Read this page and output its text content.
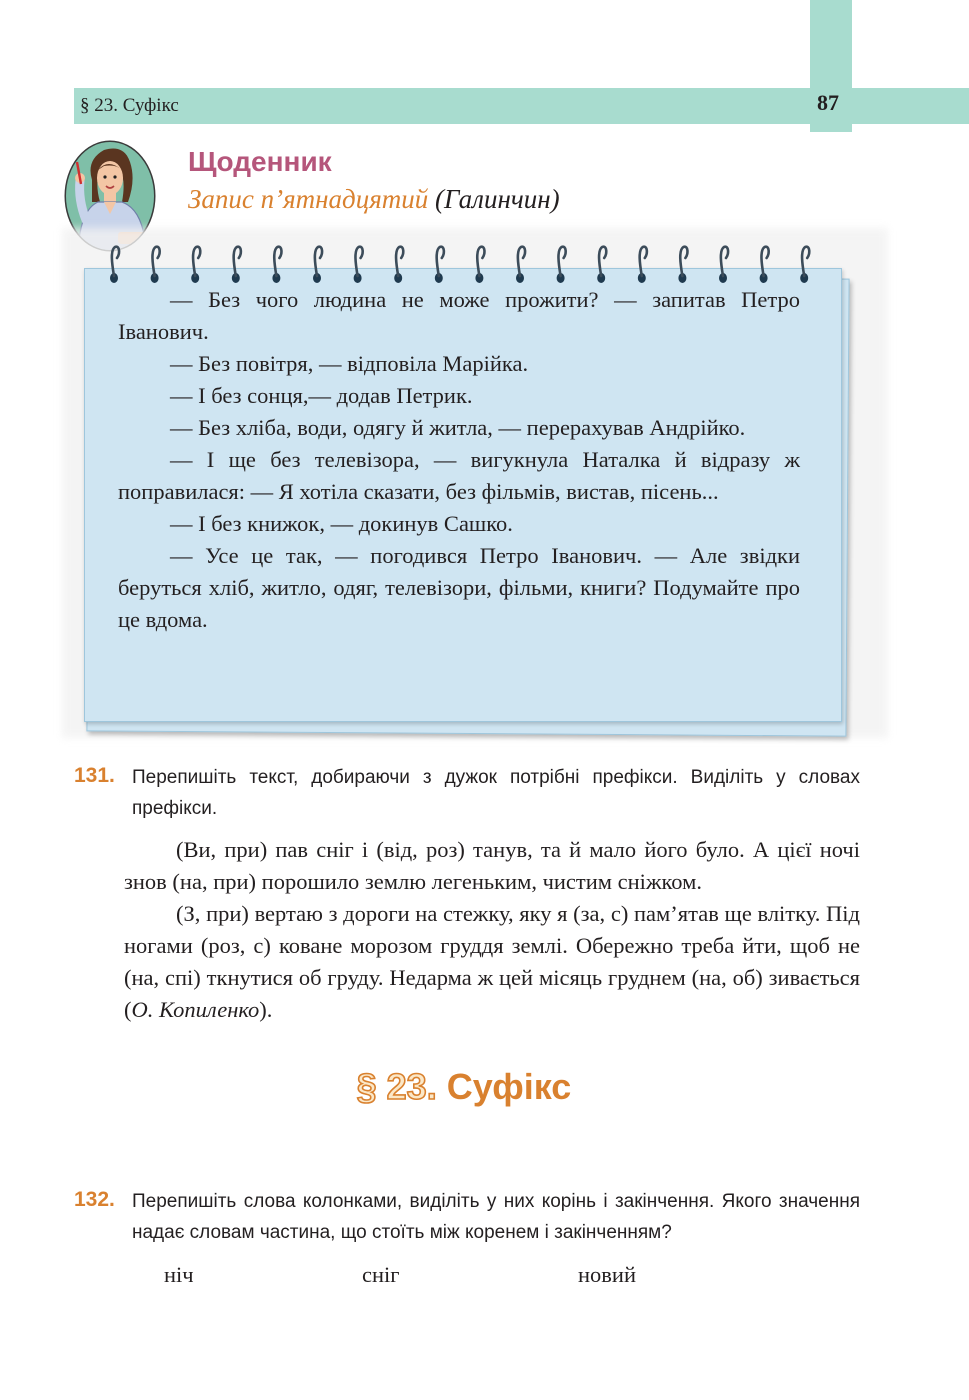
§ 23. Суфікс	87
Щоденник
Запис п’ятнадцятий (Галинчин)

— Без чого людина не може прожити? — запитав Петро Іванович.

— Без повітря, — відповіла Марійка.

— І без сонця,— додав Петрик.

— Без хліба, води, одягу й житла, — перерахував Андрійко.

— І ще без телевізора, — вигукнула Наталка й відразу ж поправилася: — Я хотіла сказати, без фільмів, вистав, пісень...

— І без книжок, — докинув Сашко.

— Усе це так, — погодився Петро Іванович. — Але звідки беруться хліб, житло, одяг, телевізори, фільми, книги? Подумайте про це вдома.

131. Перепишіть текст, добираючи з дужок потрібні префікси. Виділіть у словах префікси.

(Ви, при) пав сніг і (від, роз) танув, та й мало його було. А цієї ночі знов (на, при) порошило землю легеньким, чистим сніжком.

(З, при) вертаю з дороги на стежку, яку я (за, с) пам’ятав ще влітку. Під ногами (роз, с) коване морозом груддя землі. Обережно треба йти, щоб не (на, спі) ткнутися об груду. Недарма ж цей місяць груднем (на, об) зивається (О. Копиленко).

§ 23. Суфікс
132. Перепишіть слова колонками, виділіть у них корінь і закінчення. Якого значення надає словам частина, що стоїть між коренем і закінченням?
ніч	сніг	новий
